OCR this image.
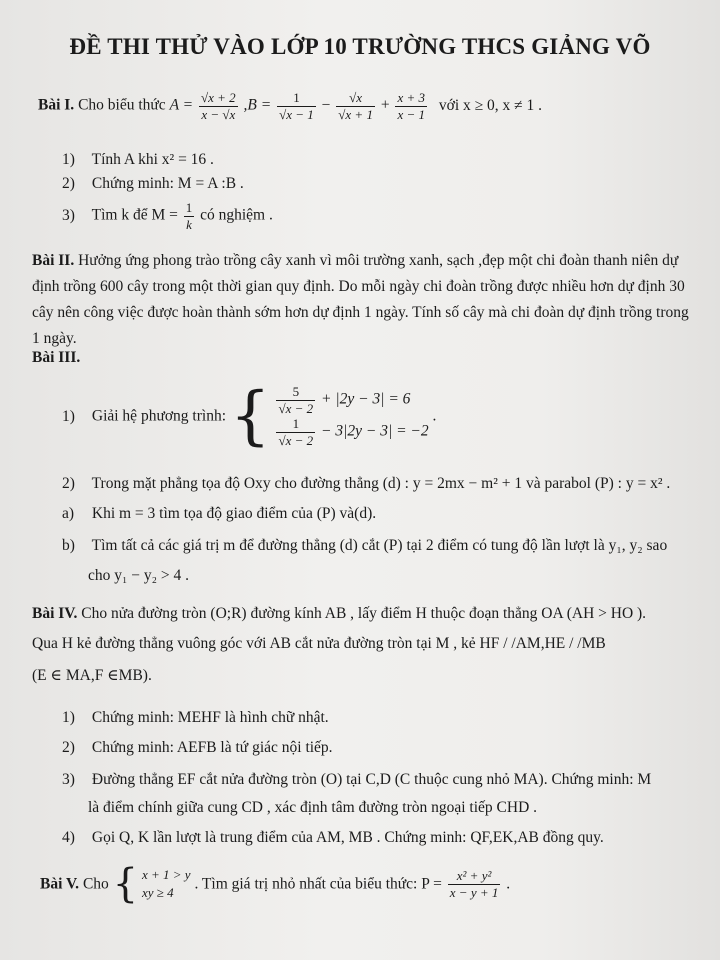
ĐỀ THI THỬ VÀO LỚP 10 TRƯỜNG THCS GIẢNG VÕ
Bài I. Cho biểu thức $A = \frac{√x + 2}{x - √x} ,B = \frac{1}{√x - 1} - \frac{√x}{√x + 1} + \frac{x + 3}{x - 1}$ với x ≥ 0, x ≠ 1 .
1) Tính A khi x² = 16 .
2) Chứng minh: M = A :B .
3) Tìm k để $M = \frac{1}{k}$ có nghiệm .
Bài II. Hưởng ứng phong trào trồng cây xanh vì môi trường xanh, sạch ,đẹp một chi đoàn thanh niên dự định trồng 600 cây trong một thời gian quy định. Do mỗi ngày chi đoàn trồng được nhiều hơn dự định 30 cây nên công việc được hoàn thành sớm hơn dự định 1 ngày. Tính số cây mà chi đoàn dự định trồng trong 1 ngày.
Bài III.
1) Giải hệ phương trình: { $\frac{5}{√x - 2} + |2y - 3| = 6$
$\frac{1}{√x - 2} - 3|2y - 3| = -2$
.
2) Trong mặt phẳng tọa độ Oxy cho đường thẳng (d) : y = 2mx − m² + 1 và parabol (P) : y = x² .
a) Khi m = 3 tìm tọa độ giao điểm của (P) và(d).
b) Tìm tất cả các giá trị m để đường thẳng (d) cắt (P) tại 2 điểm có tung độ lần lượt là y₁, y₂ sao
cho y₁ − y₂ > 4 .
Bài IV. Cho nửa đường tròn (O;R) đường kính AB , lấy điểm H thuộc đoạn thẳng OA (AH > HO ).
Qua H kẻ đường thẳng vuông góc với AB cắt nửa đường tròn tại M , kẻ HF / /AM,HE / /MB
(E ∈ MA,F ∈MB).
1) Chứng minh: MEHF là hình chữ nhật.
2) Chứng minh: AEFB là tứ giác nội tiếp.
3) Đường thẳng EF cắt nửa đường tròn (O) tại C,D (C thuộc cung nhỏ MA). Chứng minh: M
là điểm chính giữa cung CD , xác định tâm đường tròn ngoại tiếp CHD .
4) Gọi Q, K lần lượt là trung điểm của AM, MB . Chứng minh: QF,EK,AB đồng quy.
Bài V. Cho { x + 1 > y
xy ≥ 4
. Tìm giá trị nhỏ nhất của biểu thức: $P = \frac{\text{x² + y²}}{x - y + 1}$ .
